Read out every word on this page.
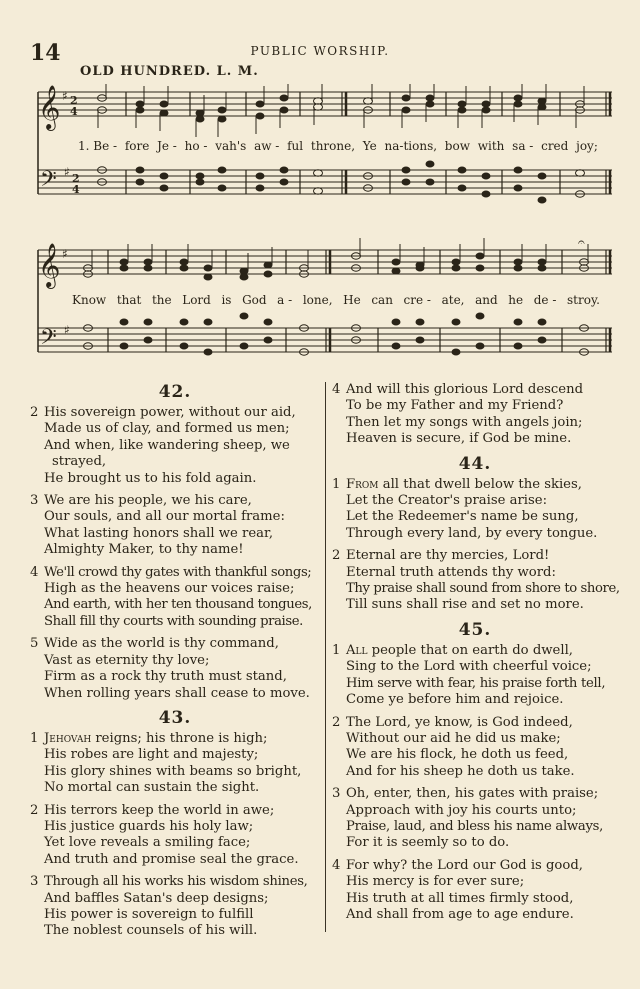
14	PUBLIC WORSHIP.
OLD HUNDRED. L. M.
𝄞
𝄢
♯
♯
2
4
2
4
1. Be - fore Je - ho - vah's aw - ful throne, Ye na-tions, bow with sa - cred joy;
𝄞
𝄢
♯
♯
𝄐
Know that the Lord is God a - lone, He can cre - ate, and he de - stroy.
42.
2 His sovereign power, without our aid,
Made us of clay, and formed us men;
And when, like wandering sheep, we
strayed,
He brought us to his fold again.
3 We are his people, we his care,
Our souls, and all our mortal frame:
What lasting honors shall we rear,
Almighty Maker, to thy name!
4 We'll crowd thy gates with thankful songs;
High as the heavens our voices raise;
And earth, with her ten thousand tongues,
Shall fill thy courts with sounding praise.
5 Wide as the world is thy command,
Vast as eternity thy love;
Firm as a rock thy truth must stand,
When rolling years shall cease to move.
43.
1 Jehovah reigns; his throne is high;
His robes are light and majesty;
His glory shines with beams so bright,
No mortal can sustain the sight.
2 His terrors keep the world in awe;
His justice guards his holy law;
Yet love reveals a smiling face;
And truth and promise seal the grace.
3 Through all his works his wisdom shines,
And baffles Satan's deep designs;
His power is sovereign to fulfill
The noblest counsels of his will.
4 And will this glorious Lord descend
To be my Father and my Friend?
Then let my songs with angels join;
Heaven is secure, if God be mine.
44.
1 From all that dwell below the skies,
Let the Creator's praise arise:
Let the Redeemer's name be sung,
Through every land, by every tongue.
2 Eternal are thy mercies, Lord!
Eternal truth attends thy word:
Thy praise shall sound from shore to shore,
Till suns shall rise and set no more.
45.
1 All people that on earth do dwell,
Sing to the Lord with cheerful voice;
Him serve with fear, his praise forth tell,
Come ye before him and rejoice.
2 The Lord, ye know, is God indeed,
Without our aid he did us make;
We are his flock, he doth us feed,
And for his sheep he doth us take.
3 Oh, enter, then, his gates with praise;
Approach with joy his courts unto;
Praise, laud, and bless his name always,
For it is seemly so to do.
4 For why? the Lord our God is good,
His mercy is for ever sure;
His truth at all times firmly stood,
And shall from age to age endure.
